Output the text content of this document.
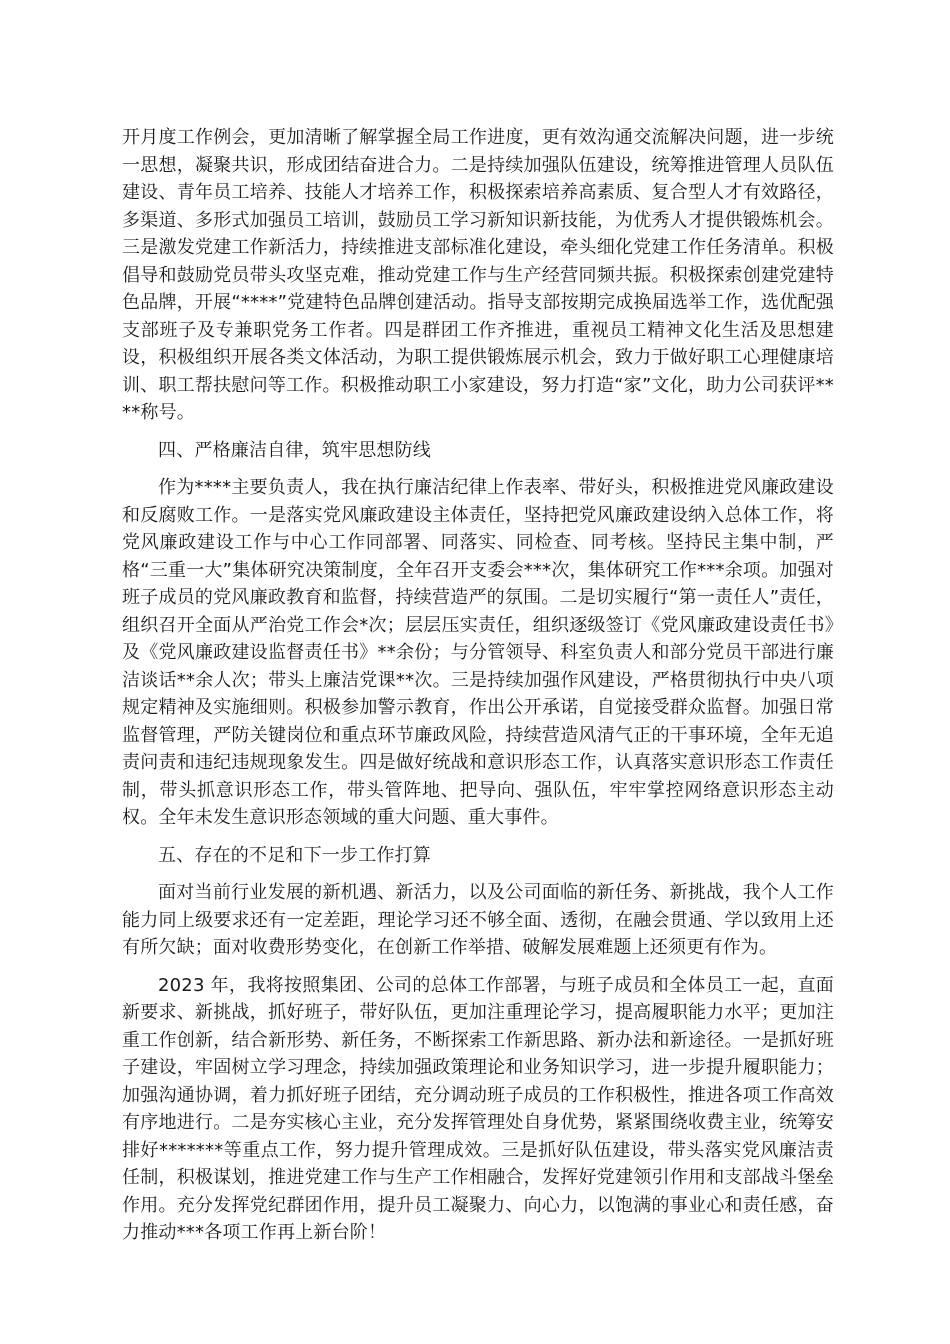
开月度工作例会，更加清晰了解掌握全局工作进度，更有效沟通交流解决问题，进一步统一思想，凝聚共识，形成团结奋进合力。二是持续加强队伍建设，统筹推进管理人员队伍建设、青年员工培养、技能人才培养工作，积极探索培养高素质、复合型人才有效路径，多渠道、多形式加强员工培训，鼓励员工学习新知识新技能，为优秀人才提供锻炼机会。三是激发党建工作新活力，持续推进支部标准化建设，牵头细化党建工作任务清单。积极倡导和鼓励党员带头攻坚克难，推动党建工作与生产经营同频共振。积极探索创建党建特色品牌，开展“****”党建特色品牌创建活动。指导支部按期完成换届选举工作，选优配强支部班子及专兼职党务工作者。四是群团工作齐推进，重视员工精神文化生活及思想建设，积极组织开展各类文体活动，为职工提供锻炼展示机会，致力于做好职工心理健康培训、职工帮扶慰问等工作。积极推动职工小家建设，努力打造“家”文化，助力公司获评****称号。

四、严格廉洁自律，筑牢思想防线

作为****主要负责人，我在执行廉洁纪律上作表率、带好头，积极推进党风廉政建设和反腐败工作。一是落实党风廉政建设主体责任，坚持把党风廉政建设纳入总体工作，将党风廉政建设工作与中心工作同部署、同落实、同检查、同考核。坚持民主集中制，严格“三重一大”集体研究决策制度，全年召开支委会***次，集体研究工作***余项。加强对班子成员的党风廉政教育和监督，持续营造严的氛围。二是切实履行“第一责任人”责任，组织召开全面从严治党工作会*次；层层压实责任，组织逐级签订《党风廉政建设责任书》及《党风廉政建设监督责任书》**余份；与分管领导、科室负责人和部分党员干部进行廉洁谈话**余人次；带头上廉洁党课**次。三是持续加强作风建设，严格贯彻执行中央八项规定精神及实施细则。积极参加警示教育，作出公开承诺，自觉接受群众监督。加强日常监督管理，严防关键岗位和重点环节廉政风险，持续营造风清气正的干事环境，全年无追责问责和违纪违规现象发生。四是做好统战和意识形态工作，认真落实意识形态工作责任制，带头抓意识形态工作，带头管阵地、把导向、强队伍，牢牢掌控网络意识形态主动权。全年未发生意识形态领域的重大问题、重大事件。

五、存在的不足和下一步工作打算

面对当前行业发展的新机遇、新活力，以及公司面临的新任务、新挑战，我个人工作能力同上级要求还有一定差距，理论学习还不够全面、透彻，在融会贯通、学以致用上还有所欠缺；面对收费形势变化，在创新工作举措、破解发展难题上还须更有作为。

2023 年，我将按照集团、公司的总体工作部署，与班子成员和全体员工一起，直面新要求、新挑战，抓好班子，带好队伍，更加注重理论学习，提高履职能力水平；更加注重工作创新，结合新形势、新任务，不断探索工作新思路、新办法和新途径。一是抓好班子建设，牢固树立学习理念，持续加强政策理论和业务知识学习，进一步提升履职能力；加强沟通协调，着力抓好班子团结，充分调动班子成员的工作积极性，推进各项工作高效有序地进行。二是夯实核心主业，充分发挥管理处自身优势，紧紧围绕收费主业，统筹安排好*******等重点工作，努力提升管理成效。三是抓好队伍建设，带头落实党风廉洁责任制，积极谋划，推进党建工作与生产工作相融合，发挥好党建领引作用和支部战斗堡垒作用。充分发挥党纪群团作用，提升员工凝聚力、向心力，以饱满的事业心和责任感，奋力推动***各项工作再上新台阶！
